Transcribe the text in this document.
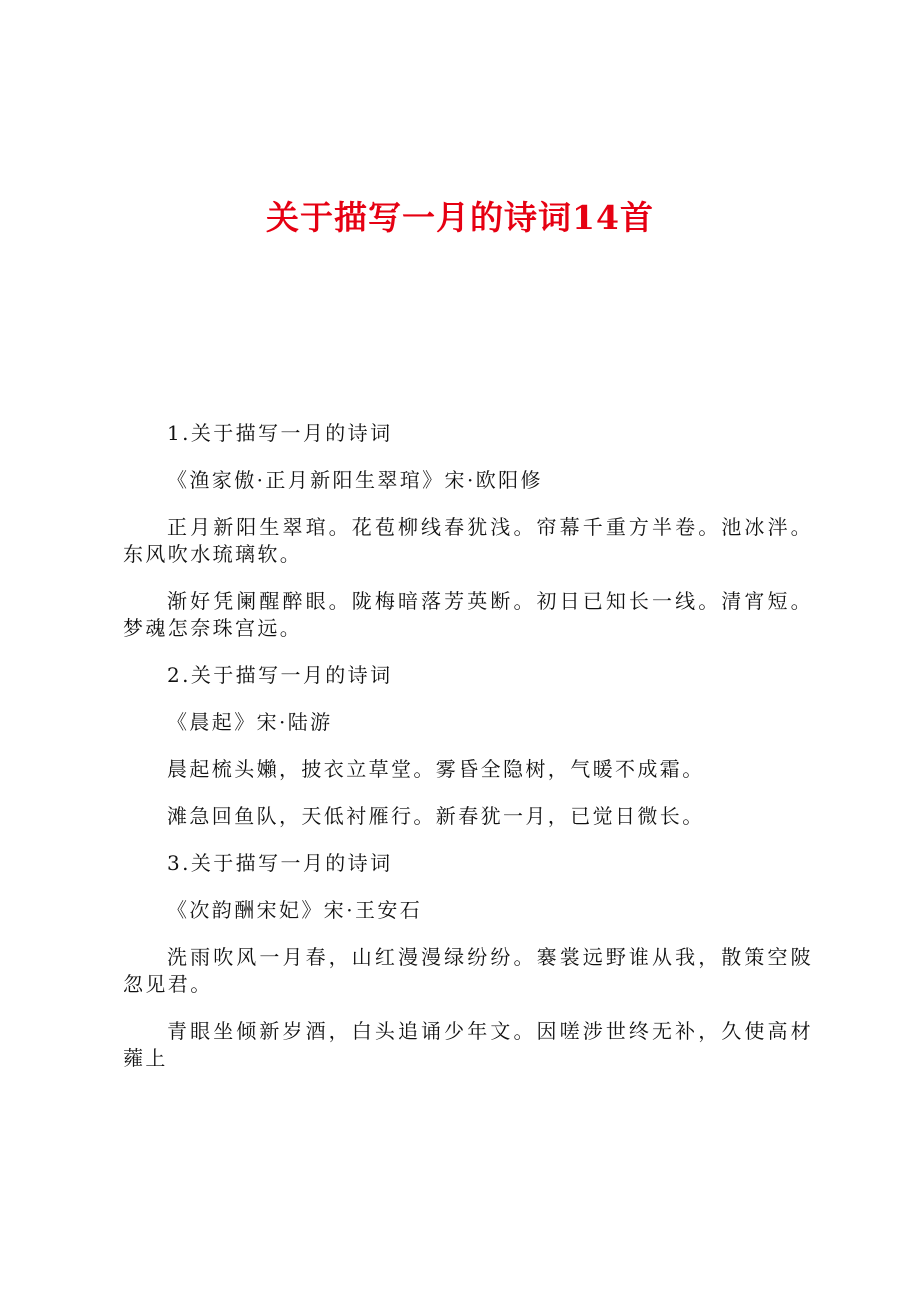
关于描写一月的诗词14首

1.关于描写一月的诗词

《渔家傲·正月新阳生翠琯》宋·欧阳修

正月新阳生翠琯。花苞柳线春犹浅。帘幕千重方半卷。池冰泮。东风吹水琉璃软。

渐好凭阑醒醉眼。陇梅暗落芳英断。初日已知长一线。清宵短。梦魂怎奈珠宫远。

2.关于描写一月的诗词

《晨起》宋·陆游

晨起梳头嬾，披衣立草堂。雾昏全隐树，气暖不成霜。

滩急回鱼队，天低衬雁行。新春犹一月，已觉日微长。

3.关于描写一月的诗词

《次韵酬宋妃》宋·王安石

洗雨吹风一月春，山红漫漫绿纷纷。褰裳远野谁从我，散策空陂忽见君。

青眼坐倾新岁酒，白头追诵少年文。因嗟涉世终无补，久使高材蕹上
